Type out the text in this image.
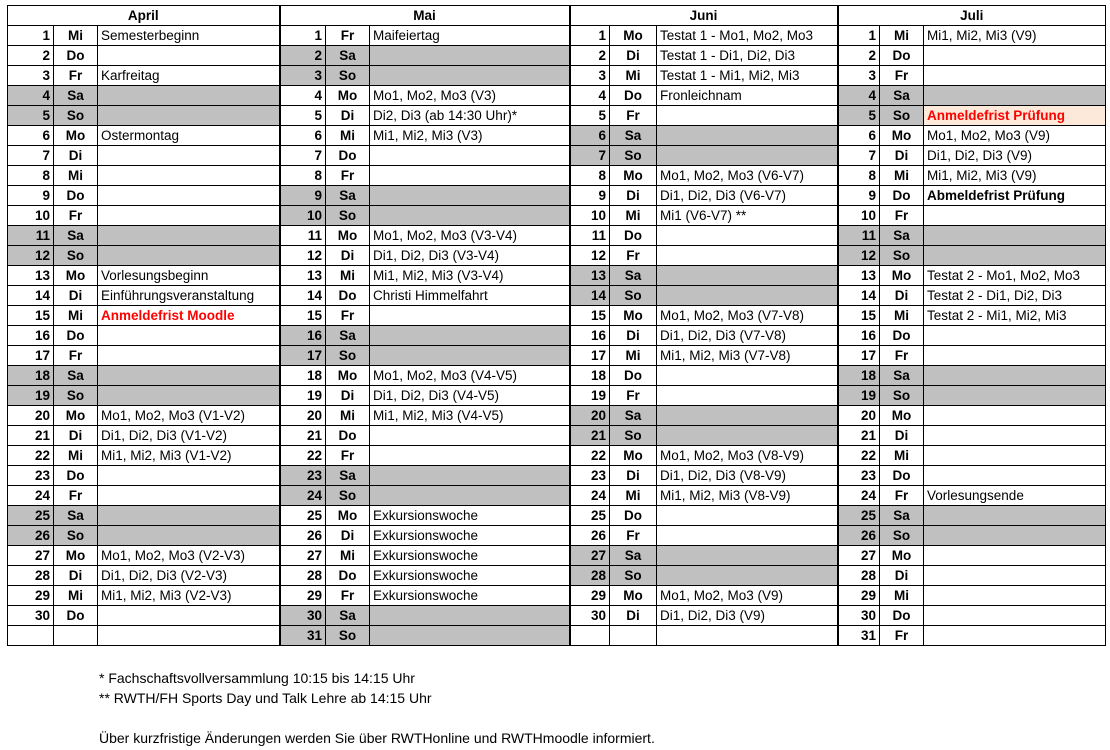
April			Mai			Juni			Juli		
1	Mi	Semesterbeginn	1	Fr	Maifeiertag	1	Mo	Testat 1 - Mo1, Mo2, Mo3	1	Mi	Mi1, Mi2, Mi3 (V9)
2	Do		2	Sa		2	Di	Testat 1 - Di1, Di2, Di3	2	Do	
3	Fr	Karfreitag	3	So		3	Mi	Testat 1 - Mi1, Mi2, Mi3	3	Fr	
4	Sa		4	Mo	Mo1, Mo2, Mo3 (V3)	4	Do	Fronleichnam	4	Sa	
5	So		5	Di	Di2, Di3 (ab 14:30 Uhr)*	5	Fr		5	So	Anmeldefrist Prüfung
6	Mo	Ostermontag	6	Mi	Mi1, Mi2, Mi3 (V3)	6	Sa		6	Mo	Mo1, Mo2, Mo3 (V9)
7	Di		7	Do		7	So		7	Di	Di1, Di2, Di3 (V9)
8	Mi		8	Fr		8	Mo	Mo1, Mo2, Mo3 (V6-V7)	8	Mi	Mi1, Mi2, Mi3 (V9)
9	Do		9	Sa		9	Di	Di1, Di2, Di3 (V6-V7)	9	Do	Abmeldefrist Prüfung
10	Fr		10	So		10	Mi	Mi1 (V6-V7) **	10	Fr	
11	Sa		11	Mo	Mo1, Mo2, Mo3 (V3-V4)	11	Do		11	Sa	
12	So		12	Di	Di1, Di2, Di3 (V3-V4)	12	Fr		12	So	
13	Mo	Vorlesungsbeginn	13	Mi	Mi1, Mi2, Mi3 (V3-V4)	13	Sa		13	Mo	Testat 2 - Mo1, Mo2, Mo3
14	Di	Einführungsveranstaltung	14	Do	Christi Himmelfahrt	14	So		14	Di	Testat 2 - Di1, Di2, Di3
15	Mi	Anmeldefrist Moodle	15	Fr		15	Mo	Mo1, Mo2, Mo3 (V7-V8)	15	Mi	Testat 2 - Mi1, Mi2, Mi3
16	Do		16	Sa		16	Di	Di1, Di2, Di3 (V7-V8)	16	Do	
17	Fr		17	So		17	Mi	Mi1, Mi2, Mi3 (V7-V8)	17	Fr	
18	Sa		18	Mo	Mo1, Mo2, Mo3 (V4-V5)	18	Do		18	Sa	
19	So		19	Di	Di1, Di2, Di3 (V4-V5)	19	Fr		19	So	
20	Mo	Mo1, Mo2, Mo3 (V1-V2)	20	Mi	Mi1, Mi2, Mi3 (V4-V5)	20	Sa		20	Mo	
21	Di	Di1, Di2, Di3 (V1-V2)	21	Do		21	So		21	Di	
22	Mi	Mi1, Mi2, Mi3 (V1-V2)	22	Fr		22	Mo	Mo1, Mo2, Mo3 (V8-V9)	22	Mi	
23	Do		23	Sa		23	Di	Di1, Di2, Di3 (V8-V9)	23	Do	
24	Fr		24	So		24	Mi	Mi1, Mi2, Mi3 (V8-V9)	24	Fr	Vorlesungsende
25	Sa		25	Mo	Exkursionswoche	25	Do		25	Sa	
26	So		26	Di	Exkursionswoche	26	Fr		26	So	
27	Mo	Mo1, Mo2, Mo3 (V2-V3)	27	Mi	Exkursionswoche	27	Sa		27	Mo	
28	Di	Di1, Di2, Di3 (V2-V3)	28	Do	Exkursionswoche	28	So		28	Di	
29	Mi	Mi1, Mi2, Mi3 (V2-V3)	29	Fr	Exkursionswoche	29	Mo	Mo1, Mo2, Mo3 (V9)	29	Mi	
30	Do		30	Sa		30	Di	Di1, Di2, Di3 (V9)	30	Do	
			31	So					31	Fr	
* Fachschaftsvollversammlung 10:15 bis 14:15 Uhr
** RWTH/FH Sports Day und Talk Lehre ab 14:15 Uhr
Über kurzfristige Änderungen werden Sie über RWTHonline und RWTHmoodle informiert.
